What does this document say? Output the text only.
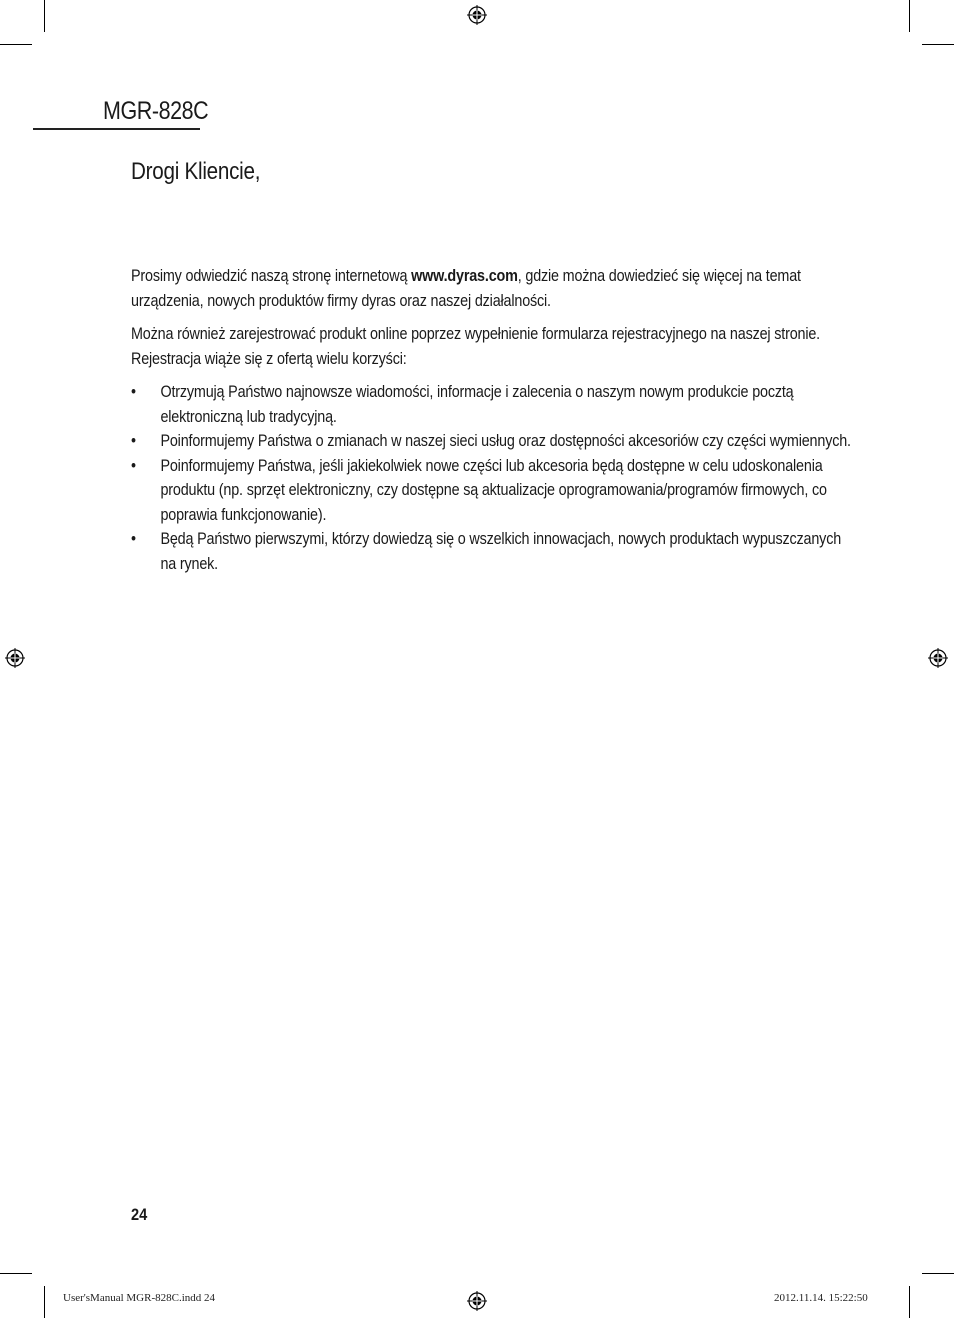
MGR-828C
Drogi Kliencie,

Prosimy odwiedzić naszą stronę internetową www.dyras.com, gdzie można dowiedzieć się więcej na temat urządzenia, nowych produktów firmy dyras oraz naszej działalności.

Można również zarejestrować produkt online poprzez wypełnienie formularza rejestracyjnego na naszej stronie. Rejestracja wiąże się z ofertą wielu korzyści:

• Otrzymują Państwo najnowsze wiadomości, informacje i zalecenia o naszym nowym produkcie pocztą elektroniczną lub tradycyjną.
• Poinformujemy Państwa o zmianach w naszej sieci usług oraz dostępności akcesoriów czy części wymiennych.
• Poinformujemy Państwa, jeśli jakiekolwiek nowe części lub akcesoria będą dostępne w celu udoskonalenia produktu (np. sprzęt elektroniczny, czy dostępne są aktualizacje oprogramowania/programów firmowych, co poprawia funkcjonowanie).
• Będą Państwo pierwszymi, którzy dowiedzą się o wszelkich innowacjach, nowych produktach wypuszczanych na rynek.
24
User'sManual MGR-828C.indd 24	2012.11.14. 15:22:50
